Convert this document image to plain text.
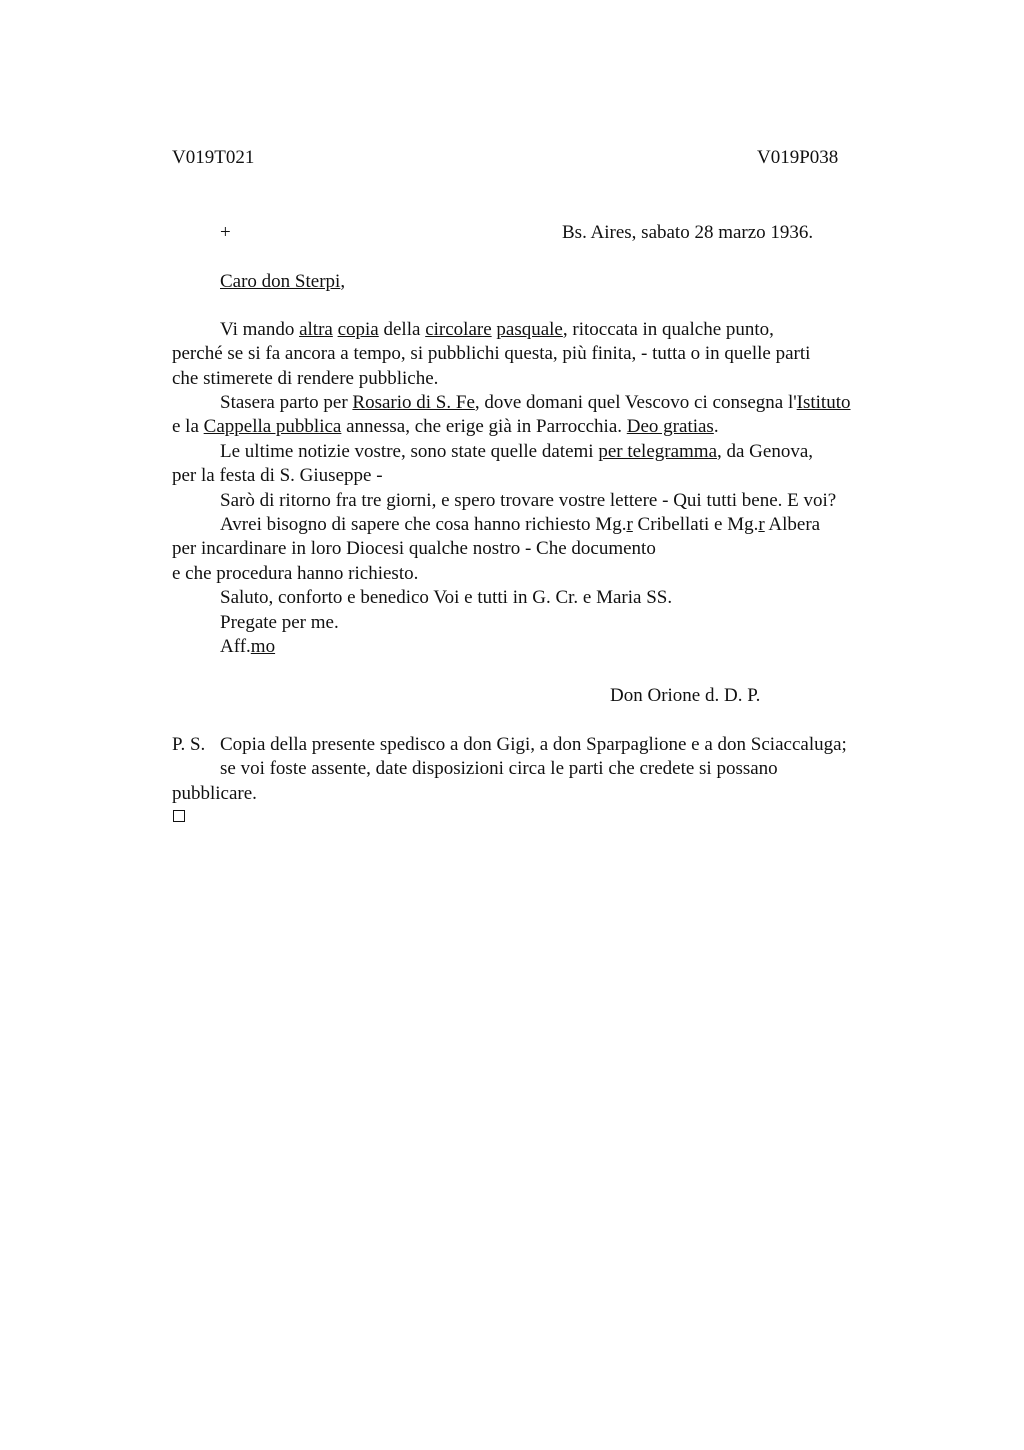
V019T021	V019P038
+	Bs. Aires, sabato 28 marzo 1936.
Caro don Sterpi,
Vi mando altra copia della circolare pasquale, ritoccata in qualche punto,
perché se si fa ancora a tempo, si pubblichi questa, più finita, - tutta o in quelle parti
che stimerete di rendere pubbliche.
Stasera parto per Rosario di S. Fe, dove domani quel Vescovo ci consegna l'Istituto
e la Cappella pubblica annessa, che erige già in Parrocchia. Deo gratias.
Le ultime notizie vostre, sono state quelle datemi per telegramma, da Genova,
per la festa di S. Giuseppe -
Sarò di ritorno fra tre giorni, e spero trovare vostre lettere - Qui tutti bene. E voi?
Avrei bisogno di sapere che cosa hanno richiesto Mg.r Cribellati e Mg.r Albera
per incardinare in loro Diocesi qualche nostro - Che documento
e che procedura hanno richiesto.
Saluto, conforto e benedico Voi e tutti in G. Cr. e Maria SS.
Pregate per me.
Aff.mo
Don Orione d. D. P.
P. S. Copia della presente spedisco a don Gigi, a don Sparpaglione e a don Sciaccaluga;
se voi foste assente, date disposizioni circa le parti che credete si possano
pubblicare.
